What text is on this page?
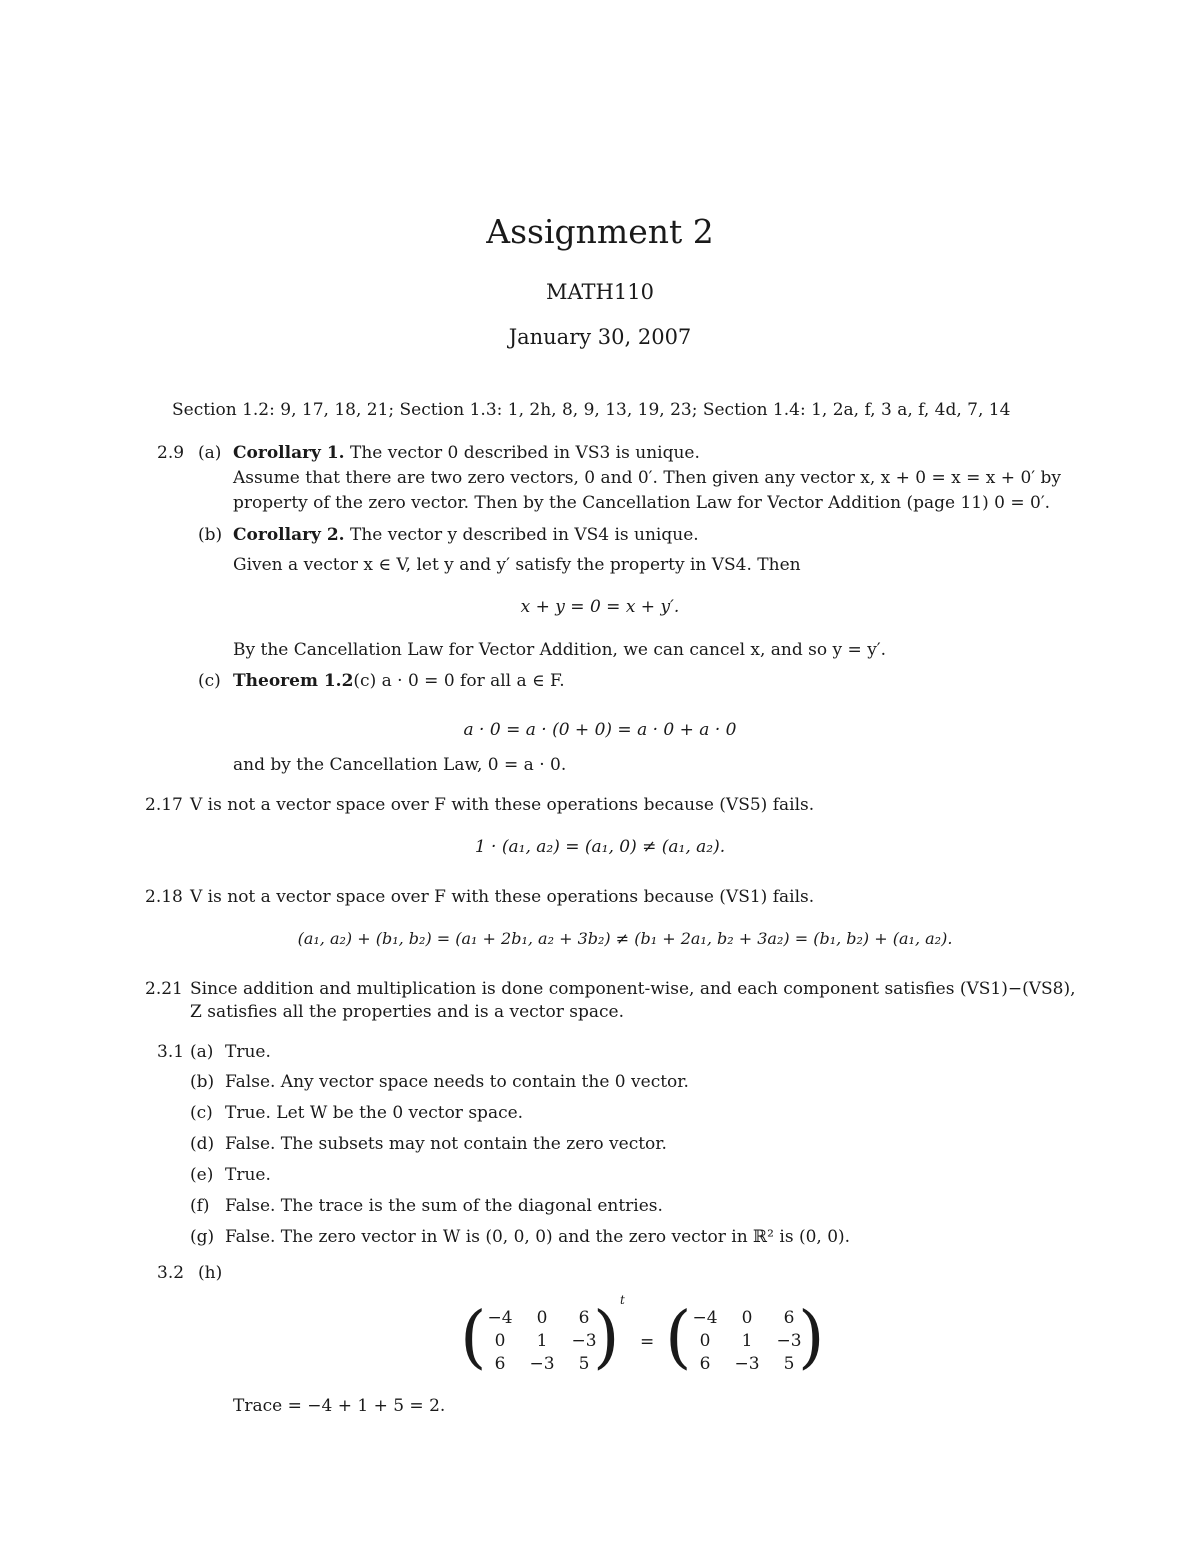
Assignment 2
MATH110
January 30, 2007
Section 1.2: 9, 17, 18, 21; Section 1.3: 1, 2h, 8, 9, 13, 19, 23; Section 1.4: 1, 2a, f, 3 a, f, 4d, 7, 14
2.9 (a) Corollary 1. The vector 0 described in VS3 is unique.
Assume that there are two zero vectors, 0 and 0′. Then given any vector x, x + 0 = x = x + 0′ by
property of the zero vector. Then by the Cancellation Law for Vector Addition (page 11) 0 = 0′.
(b) Corollary 2. The vector y described in VS4 is unique.
Given a vector x ∈ V, let y and y′ satisfy the property in VS4. Then
x + y = 0 = x + y′.
By the Cancellation Law for Vector Addition, we can cancel x, and so y = y′.
(c) Theorem 1.2(c) a · 0 = 0 for all a ∈ F.
a · 0 = a · (0 + 0) = a · 0 + a · 0
and by the Cancellation Law, 0 = a · 0.
2.17 V is not a vector space over F with these operations because (VS5) fails.
1 · (a₁, a₂) = (a₁, 0) ≠ (a₁, a₂).
2.18 V is not a vector space over F with these operations because (VS1) fails.
(a₁, a₂) + (b₁, b₂) = (a₁ + 2b₁, a₂ + 3b₂) ≠ (b₁ + 2a₁, b₂ + 3a₂) = (b₁, b₂) + (a₁, a₂).
2.21 Since addition and multiplication is done component-wise, and each component satisfies (VS1)−(VS8),
Z satisfies all the properties and is a vector space.
3.1 (a) True.
(b) False. Any vector space needs to contain the 0 vector.
(c) True. Let W be the 0 vector space.
(d) False. The subsets may not contain the zero vector.
(e) True.
(f) False. The trace is the sum of the diagonal entries.
(g) False. The zero vector in W is (0, 0, 0) and the zero vector in ℝ² is (0, 0).
3.2 (h)
( )
−4	0	6
0	1	−3
6	−3	5
t
= ( )
−4	0	6
0	1	−3
6	−3	5
Trace = −4 + 1 + 5 = 2.
